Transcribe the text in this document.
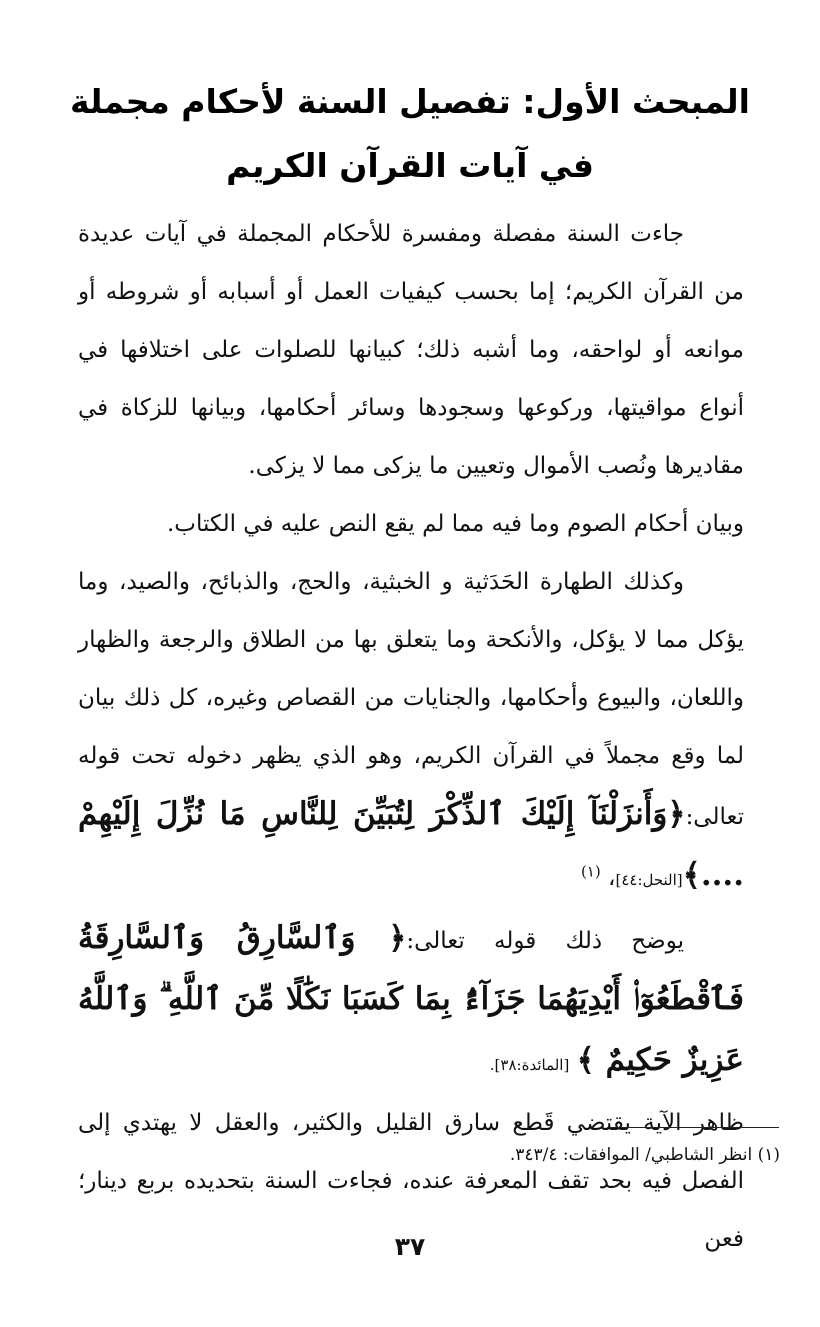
المبحث الأول: تفصيل السنة لأحكام مجملة في آيات القرآن الكريم

جاءت السنة مفصلة ومفسرة للأحكام المجملة في آيات عديدة من القرآن الكريم؛ إما بحسب كيفيات العمل أو أسبابه أو شروطه أو موانعه أو لواحقه، وما أشبه ذلك؛ كبيانها للصلوات على اختلافها في أنواع مواقيتها، وركوعها وسجودها وسائر أحكامها، وبيانها للزكاة في مقاديرها ونُصب الأموال وتعيين ما يزكى مما لا يزكى.

وبيان أحكام الصوم وما فيه مما لم يقع النص عليه في الكتاب.

وكذلك الطهارة الحَدَثية و الخبثية، والحج، والذبائح، والصيد، وما يؤكل مما لا يؤكل، والأنكحة وما يتعلق بها من الطلاق والرجعة والظهار واللعان، والبيوع وأحكامها، والجنايات من القصاص وغيره، كل ذلك بيان لما وقع مجملاً في القرآن الكريم، وهو الذي يظهر دخوله تحت قوله تعالى:﴿وَأَنزَلْنَآ إِلَيْكَ ٱلذِّكْرَ لِتُبَيِّنَ لِلنَّاسِ مَا نُزِّلَ إِلَيْهِمْ ....﴾[النحل:٤٤]، $^{(١)}$

يوضح ذلك قوله تعالى:﴿ وَٱلسَّارِقُ وَٱلسَّارِقَةُ فَٱقْطَعُوٓا۟ أَيْدِيَهُمَا جَزَآءًۢ بِمَا كَسَبَا نَكَٰلًا مِّنَ ٱللَّهِ ۗ وَٱللَّهُ عَزِيزٌ حَكِيمٌ ﴾ [المائدة:٣٨].

ظاهر الآية يقتضي قَطع سارق القليل والكثير، والعقل لا يهتدي إلى الفصل فيه بحد تقف المعرفة عنده، فجاءت السنة بتحديده بربع دينار؛ فعن

(١) انظر الشاطبي/ الموافقات: ٣٤٣/٤.
٣٧
